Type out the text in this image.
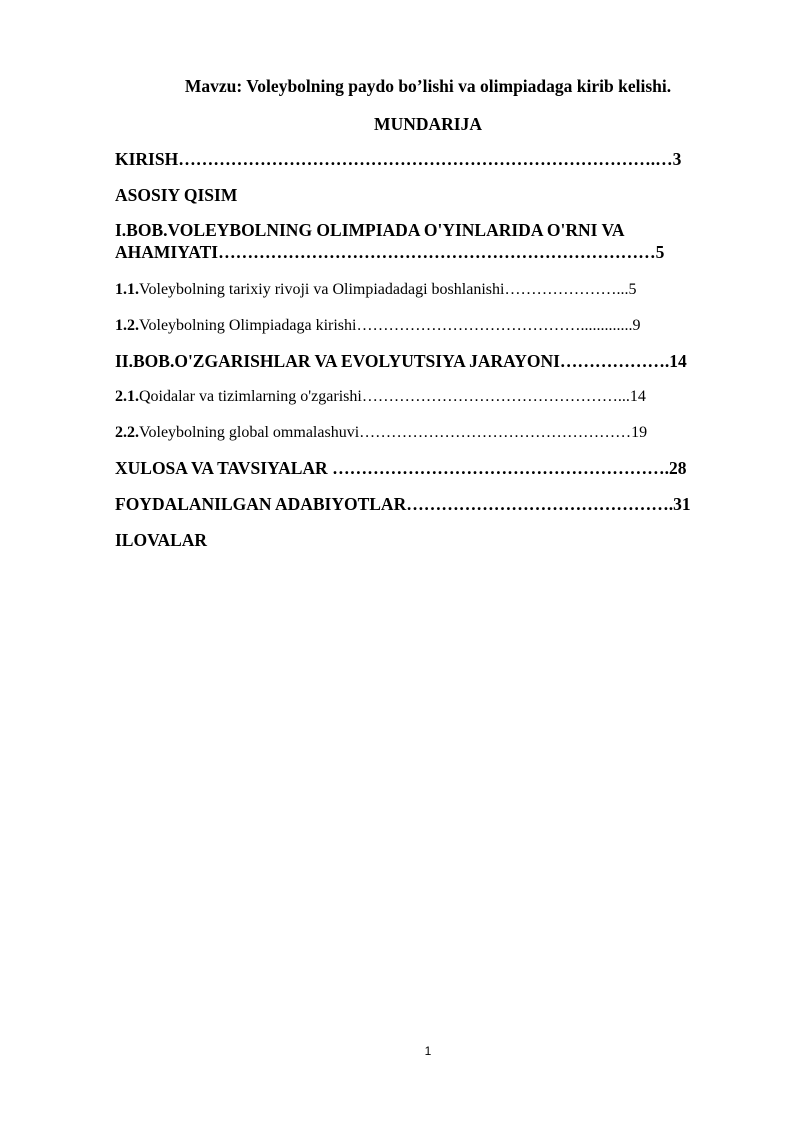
Mavzu: Voleybolning paydo bo’lishi va olimpiadaga kirib kelishi.
MUNDARIJA
KIRISH……………………………………………………………………….…3
ASOSIY QISIM
I.BOB.VOLEYBOLNING OLIMPIADA O'YINLARIDA O'RNI VA
AHAMIYATI…………………………………………………………………5
1.1.Voleybolning tarixiy rivoji va Olimpiadadagi boshlanishi…………………...5
1.2.Voleybolning Olimpiadaga kirishi…………………………………….............9
II.BOB.O'ZGARISHLAR VA EVOLYUTSIYA JARAYONI……………….14
2.1.Qoidalar va tizimlarning o'zgarishi…………………………………………...14
2.2.Voleybolning global ommalashuvi……………………………………………19
XULOSA VA TAVSIYALAR ………………………………………………….28
FOYDALANILGAN ADABIYOTLAR……………………………………….31
ILOVALAR
1
